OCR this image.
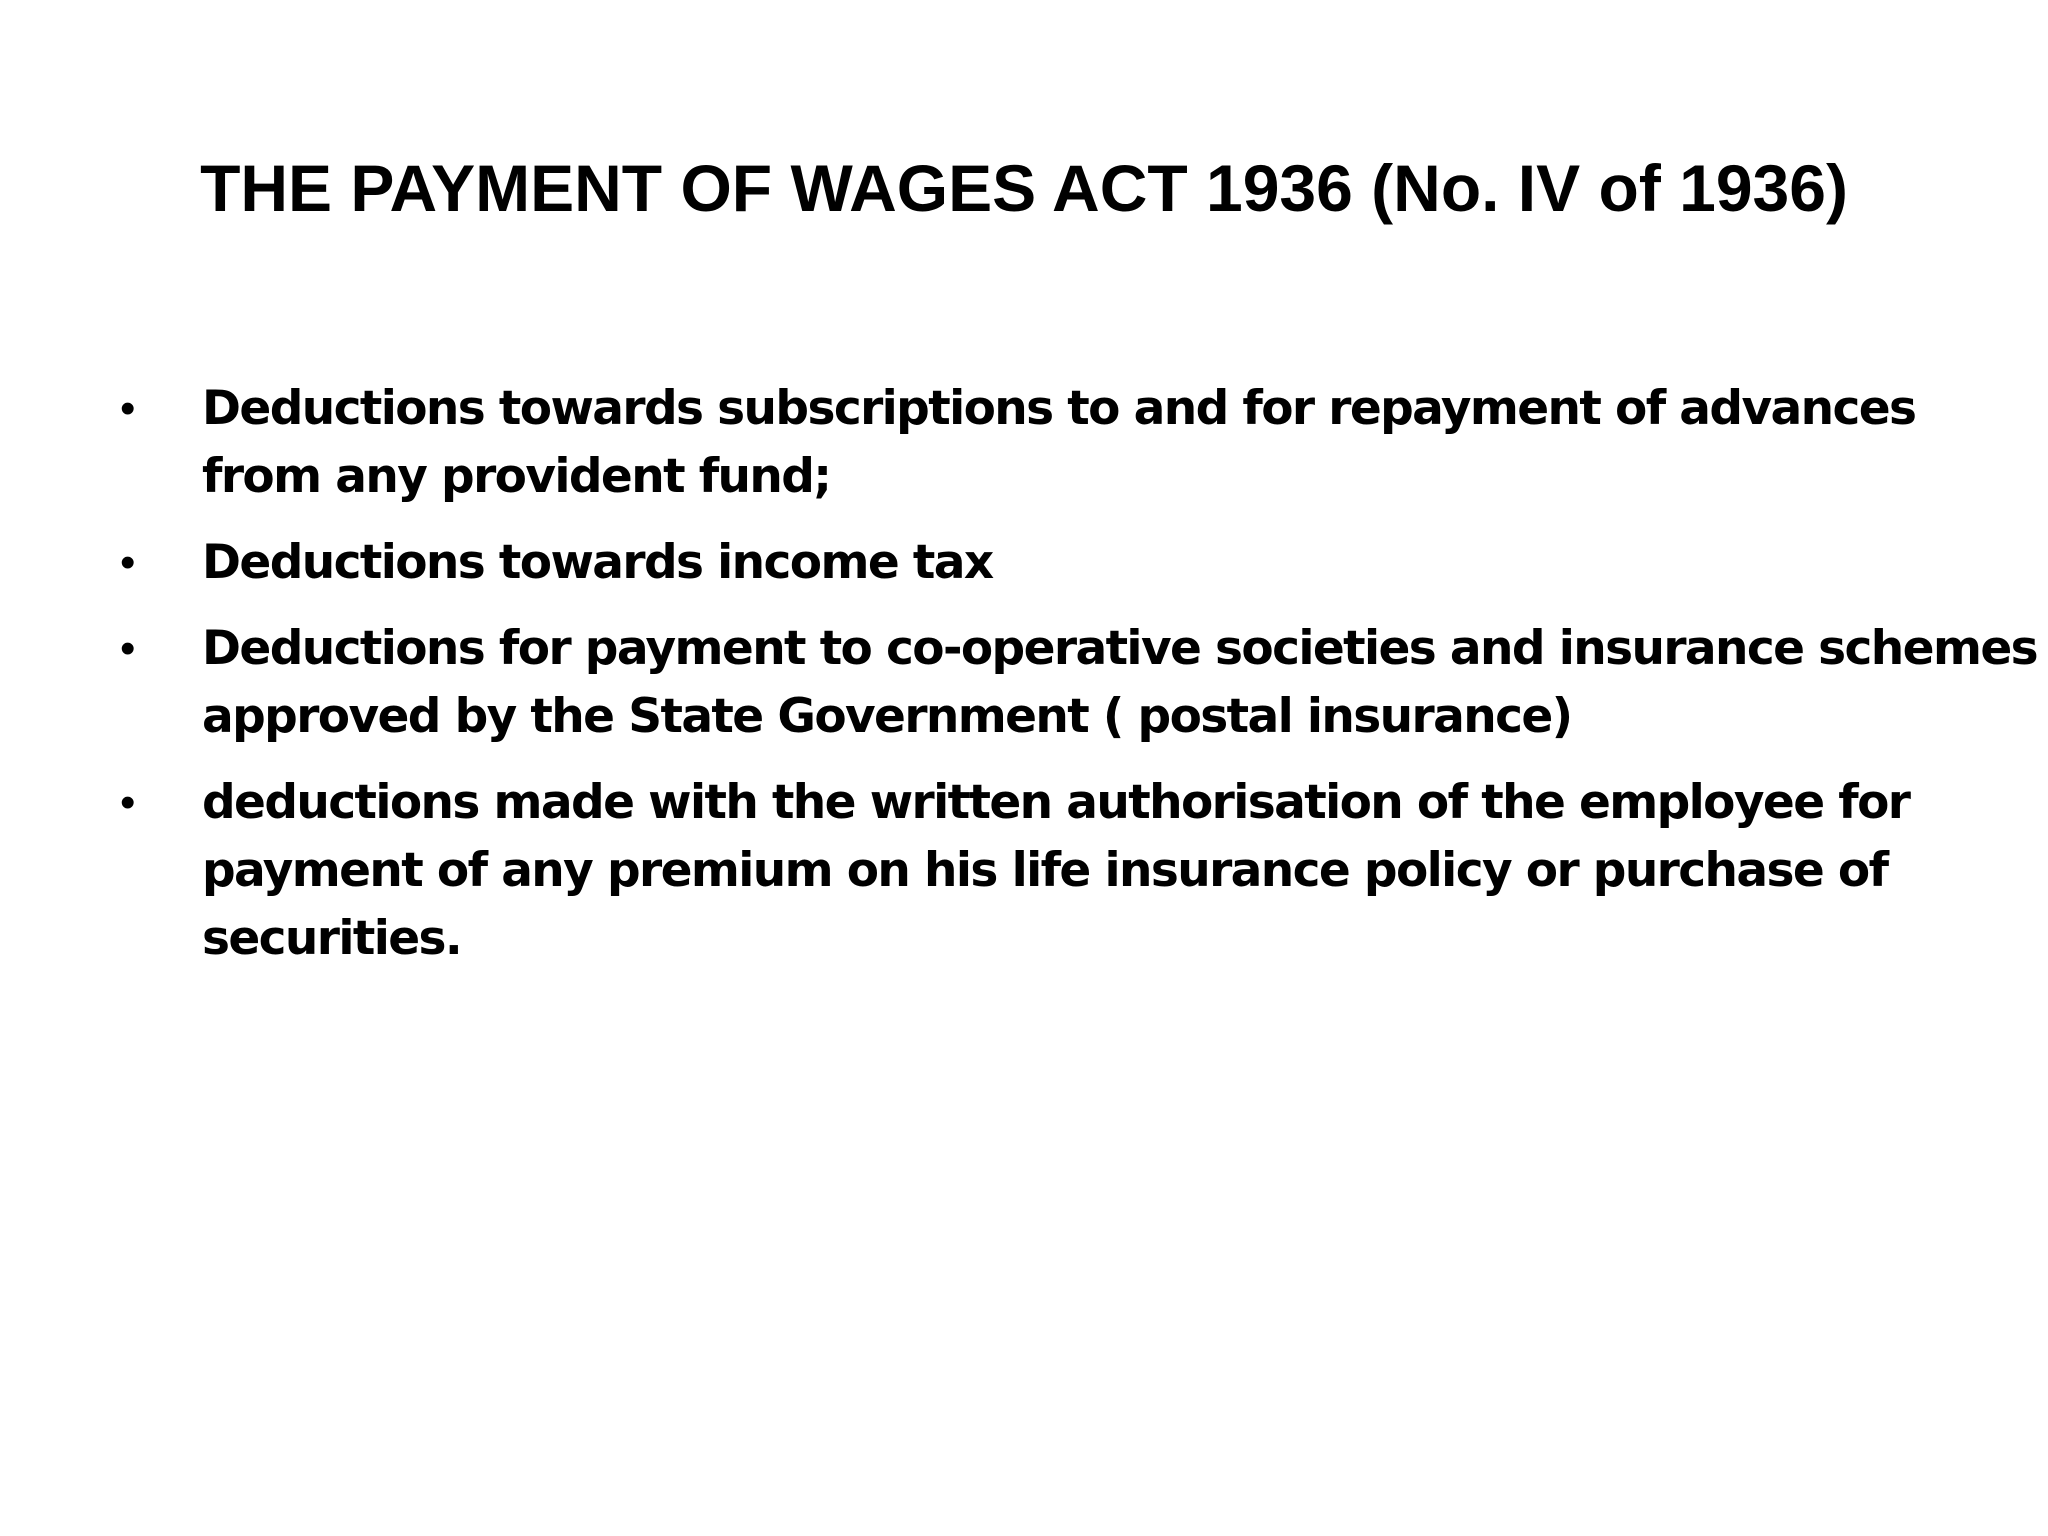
THE PAYMENT OF WAGES ACT 1936 (No. IV of 1936)
• Deductions towards subscriptions to and for repayment of advances
from any provident fund;
• Deductions towards income tax
• Deductions for payment to co-operative societies and insurance schemes
approved by the State Government ( postal insurance)
• deductions made with the written authorisation of the employee for
payment of any premium on his life insurance policy or purchase of
securities.
